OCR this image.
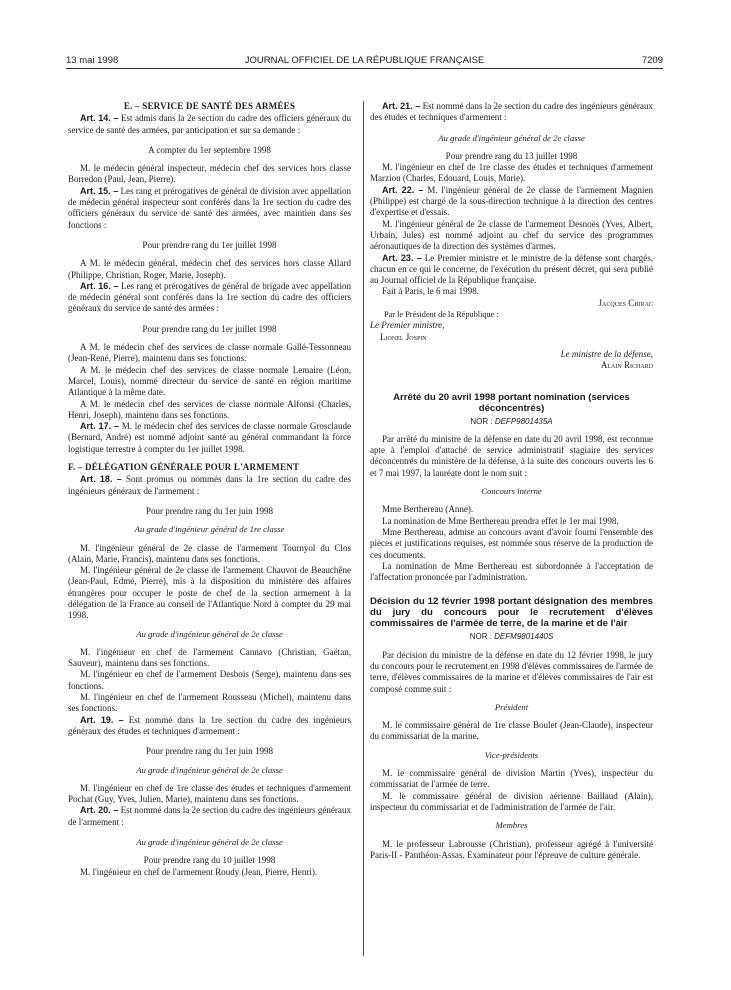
13 mai 1998	JOURNAL OFFICIEL DE LA RÉPUBLIQUE FRANÇAISE	7209

E. – SERVICE DE SANTÉ DES ARMÉES

Art. 14. – Est admis dans la 2e section du cadre des officiers généraux du service de santé des armées, par anticipation et sur sa demande :

A compter du 1er septembre 1998

M. le médecin général inspecteur, médecin chef des services hors classe Borredon (Paul, Jean, Pierre).

Art. 15. – Les rang et prérogatives de général de division avec appellation de médecin général inspecteur sont conférés dans la 1re section du cadre des officiers généraux du service de santé des armées, avec maintien dans ses fonctions :

Pour prendre rang du 1er juillet 1998

A M. le médecin général, médecin chef des services hors classe Allard (Philippe, Christian, Roger, Marie, Joseph).

Art. 16. – Les rang et prérogatives de général de brigade avec appellation de médecin général sont conférés dans la 1re section du cadre des officiers généraux du service de santé des armées :

Pour prendre rang du 1er juillet 1998

A M. le médecin chef des services de classe normale Gallé-Tessonneau (Jean-René, Pierre), maintenu dans ses fonctions.

A M. le médecin chef des services de classe normale Lemaire (Léon, Marcel, Louis), nommé directeur du service de santé en région maritime Atlantique à la même date.

A M. le médecin chef des services de classe normale Alfonsi (Charles, Henri, Joseph), maintenu dans ses fonctions.

Art. 17. – M. le médecin chef des services de classe normale Grosclaude (Bernard, André) est nommé adjoint santé au général commandant la force logistique terrestre à compter du 1er juillet 1998.

F. – DÉLÉGATION GÉNÉRALE POUR L'ARMEMENT

Art. 18. – Sont promus ou nommés dans la 1re section du cadre des ingénieurs généraux de l'armement :

Pour prendre rang du 1er juin 1998

Au grade d'ingénieur général de 1re classe

M. l'ingénieur général de 2e classe de l'armement Tournyol du Clos (Alain, Marie, Francis), maintenu dans ses fonctions.

M. l'ingénieur général de 2e classe de l'armement Chauvot de Beauchêne (Jean-Paul, Edmé, Pierre), mis à la disposition du ministère des affaires étrangères pour occuper le poste de chef de la section armement à la délégation de la France au conseil de l'Atlantique Nord à compter du 29 mai 1998.

Au grade d'ingénieur général de 2e classe

M. l'ingénieur en chef de l'armement Cannavo (Christian, Gaëtan, Sauveur), maintenu dans ses fonctions.

M. l'ingénieur en chef de l'armement Desbois (Serge), maintenu dans ses fonctions.

M. l'ingénieur en chef de l'armement Rousseau (Michel), maintenu dans ses fonctions.

Art. 19. – Est nommé dans la 1re section du cadre des ingénieurs généraux des études et techniques d'armement :

Pour prendre rang du 1er juin 1998

Au grade d'ingénieur général de 2e classe

M. l'ingénieur en chef de 1re classe des études et techniques d'armement Pochat (Guy, Yves, Julien, Marie), maintenu dans ses fonctions.

Art. 20. – Est nommé dans la 2e section du cadre des ingénieurs généraux de l'armement :

Au grade d'ingénieur général de 2e classe

Pour prendre rang du 10 juillet 1998

M. l'ingénieur en chef de l'armement Roudy (Jean, Pierre, Henri).

Art. 21. – Est nommé dans la 2e section du cadre des ingénieurs généraux des études et techniques d'armement :

Au grade d'ingénieur général de 2e classe

Pour prendre rang du 13 juillet 1998

M. l'ingénieur en chef de 1re classe des études et techniques d'armement Marziou (Charles, Edouard, Louis, Marie).

Art. 22. – M. l'ingénieur général de 2e classe de l'armement Magnien (Philippe) est chargé de la sous-direction technique à la direction des centres d'expertise et d'essais.

M. l'ingénieur général de 2e classe de l'armement Desnoës (Yves, Albert, Urbain, Jules) est nommé adjoint au chef du service des programmes aéronautiques de la direction des systèmes d'armes.

Art. 23. – Le Premier ministre et le ministre de la défense sont chargés, chacun en ce qui le concerne, de l'exécution du présent décret, qui sera publié au Journal officiel de la République française.

Fait à Paris, le 6 mai 1998.

Jacques Chirac

Par le Président de la République :

Le Premier ministre,

Lionel Jospin

Le ministre de la défense,

Alain Richard

Arrêté du 20 avril 1998 portant nomination (services déconcentrés)

NOR : DEFP9801435A

Par arrêté du ministre de la défense en date du 20 avril 1998, est reconnue apte à l'emploi d'attaché de service administratif stagiaire des services déconcentrés du ministère de la défense, à la suite des concours ouverts les 6 et 7 mai 1997, la lauréate dont le nom suit :

Concours interne

Mme Berthereau (Anne).

La nomination de Mme Berthereau prendra effet le 1er mai 1998.

Mme Berthereau, admise au concours avant d'avoir fourni l'ensemble des pièces et justifications requises, est nommée sous réserve de la production de ces documents.

La nomination de Mme Berthereau est subordonnée à l'acceptation de l'affectation prononcée par l'administration.

Décision du 12 février 1998 portant désignation des membres du jury du concours pour le recrutement d'élèves commissaires de l'armée de terre, de la marine et de l'air

NOR : DEFM9801440S

Par décision du ministre de la défense en date du 12 février 1998, le jury du concours pour le recrutement en 1998 d'élèves commissaires de l'armée de terre, d'élèves commissaires de la marine et d'élèves commissaires de l'air est composé comme suit :

Président

M. le commissaire général de 1re classe Boulet (Jean-Claude), inspecteur du commissariat de la marine.

Vice-présidents

M. le commissaire général de division Martin (Yves), inspecteur du commissariat de l'armée de terre.

M. le commissaire général de division aérienne Baillaud (Alain), inspecteur du commissariat et de l'administration de l'armée de l'air.

Membres

M. le professeur Labrousse (Christian), professeur agrégé à l'université Paris-II - Panthéon-Assas. Examinateur pour l'épreuve de culture générale.
